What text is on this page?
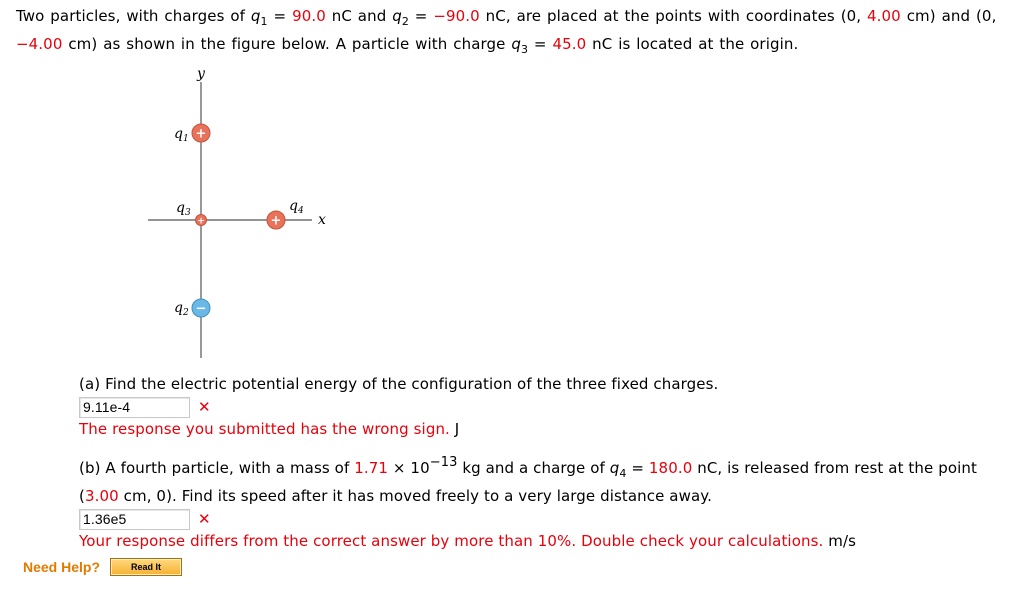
Two particles, with charges of $q_1 = 90.0$ nC and $q_2 = -90.0$ nC, are placed at the points with coordinates (0, 4.00 cm) and (0, −4.00 cm) as shown in the figure below. A particle with charge $q_3 = 45.0$ nC is located at the origin.
y
x
+
$q_1$
+
$q_3$
+
$q_4$
−
$q_2$
(a) Find the electric potential energy of the configuration of the three fixed charges.
9.11e-4	✕
The response you submitted has the wrong sign. J
(b) A fourth particle, with a mass of $1.71 \times 10^{-13}$ kg and a charge of $q_4 = 180.0$ nC, is released from rest at the point (3.00 cm, 0). Find its speed after it has moved freely to a very large distance away.
1.36e5	✕
Your response differs from the correct answer by more than 10%. Double check your calculations. m/s
Need Help?	Read It
